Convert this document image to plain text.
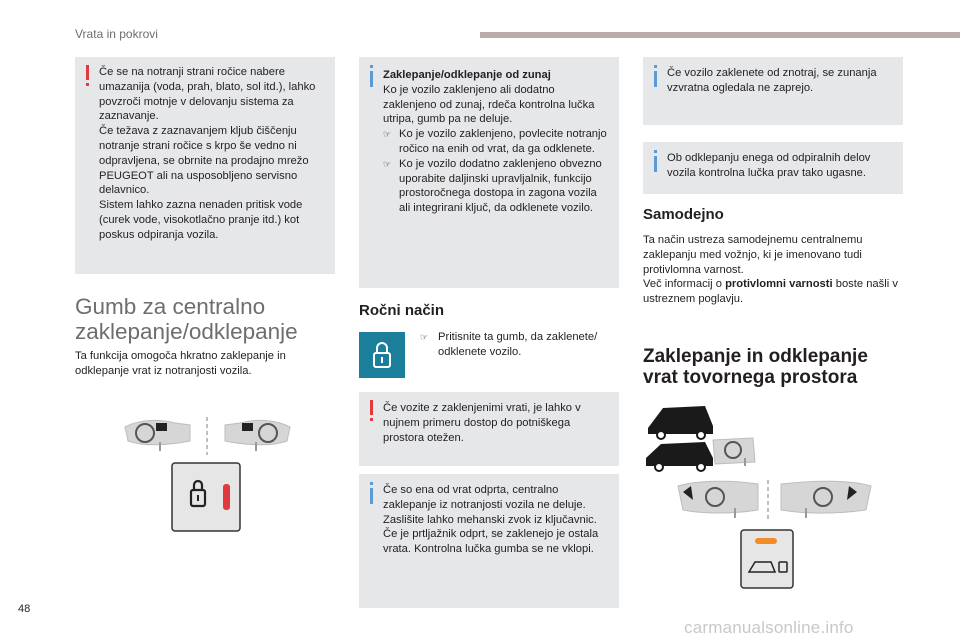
Vrata in pokrovi

Če se na notranji strani ročice nabere umazanija (voda, prah, blato, sol itd.), lahko povzroči motnje v delovanju sistema za zaznavanje.

Če težava z zaznavanjem kljub čiščenju notranje strani ročice s krpo še vedno ni odpravljena, se obrnite na prodajno mrežo PEUGEOT ali na usposobljeno servisno delavnico.

Sistem lahko zazna nenaden pritisk vode (curek vode, visokotlačno pranje itd.) kot poskus odpiranja vozila.

Gumb za centralno zaklepanje/odklepanje

Ta funkcija omogoča hkratno zaklepanje in odklepanje vrat iz notranjosti vozila.

Zaklepanje/odklepanje od zunaj

Ko je vozilo zaklenjeno ali dodatno zaklenjeno od zunaj, rdeča kontrolna lučka utripa, gumb pa ne deluje.

☞ Ko je vozilo zaklenjeno, povlecite notranjo ročico na enih od vrat, da ga odklenete.
☞ Ko je vozilo dodatno zaklenjeno obvezno uporabite daljinski upravljalnik, funkcijo prostoročnega dostopa in zagona vozila ali integrirani ključ, da odklenete vozilo.
Ročni način
☞ Pritisnite ta gumb, da zaklenete/ odklenete vozilo.

Če vozite z zaklenjenimi vrati, je lahko v nujnem primeru dostop do potniškega prostora otežen.

Če so ena od vrat odprta, centralno zaklepanje iz notranjosti vozila ne deluje. Zaslišite lahko mehanski zvok iz ključavnic.

Če je prtljažnik odprt, se zaklenejo je ostala vrata. Kontrolna lučka gumba se ne vklopi.

Če vozilo zaklenete od znotraj, se zunanja vzvratna ogledala ne zaprejo.

Ob odklepanju enega od odpiralnih delov vozila kontrolna lučka prav tako ugasne.

Samodejno
Ta način ustreza samodejnemu centralnemu zaklepanju med vožnjo, ki je imenovano tudi protivlomna varnost.
Več informacij o protivlomni varnosti boste našli v ustreznem poglavju.
Zaklepanje in odklepanje vrat tovornega prostora
48
carmanualsonline.info
